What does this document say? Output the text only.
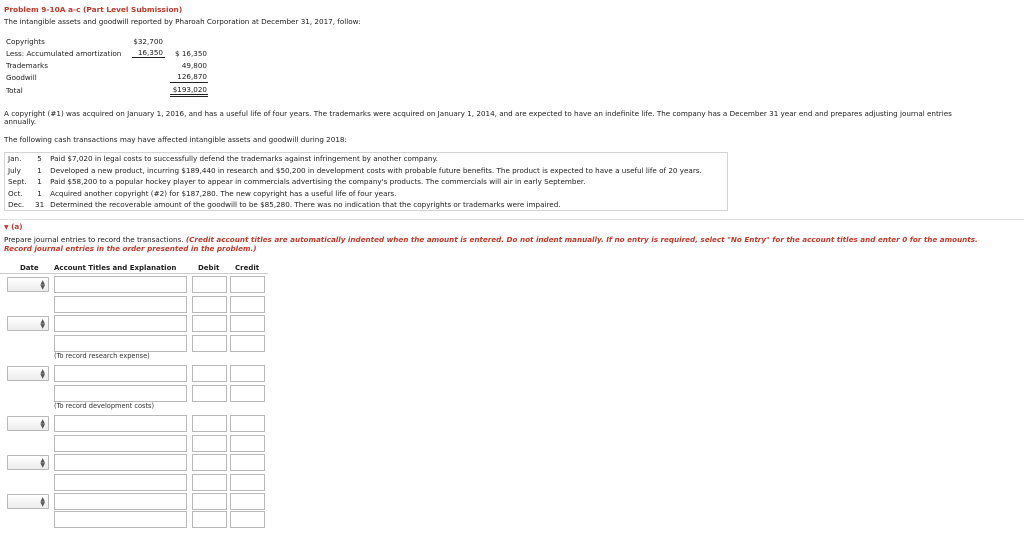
Problem 9-10A a-c (Part Level Submission)
The intangible assets and goodwill reported by Pharoah Corporation at December 31, 2017, follow:
Copyrights	$32,700
Less: Accumulated amortization	16,350	$ 16,350
Trademarks	49,800
Goodwill	126,870
Total	$193,020
A copyright (#1) was acquired on January 1, 2016, and has a useful life of four years. The trademarks were acquired on January 1, 2014, and are expected to have an indefinite life. The company has a December 31 year end and prepares adjusting journal entries
annually.
The following cash transactions may have affected intangible assets and goodwill during 2018:
Jan.	5	Paid $7,020 in legal costs to successfully defend the trademarks against infringement by another company.
July	1	Developed a new product, incurring $189,440 in research and $50,200 in development costs with probable future benefits. The product is expected to have a useful life of 20 years.
Sept.	1	Paid $58,200 to a popular hockey player to appear in commercials advertising the company's products. The commercials will air in early September.
Oct.	1	Acquired another copyright (#2) for $187,280. The new copyright has a useful life of four years.
Dec.	31	Determined the recoverable amount of the goodwill to be $85,280. There was no indication that the copyrights or trademarks were impaired.
▼ (a)
Prepare journal entries to record the transactions. (Credit account titles are automatically indented when the amount is entered. Do not indent manually. If no entry is required, select "No Entry" for the account titles and enter 0 for the amounts.
Record journal entries in the order presented in the problem.)
Date Account Titles and Explanation	Debit Credit
▲
▼
▲
▼
(To record research expense)
▲
▼
(To record development costs)
▲
▼
▲
▼
▲
▼
